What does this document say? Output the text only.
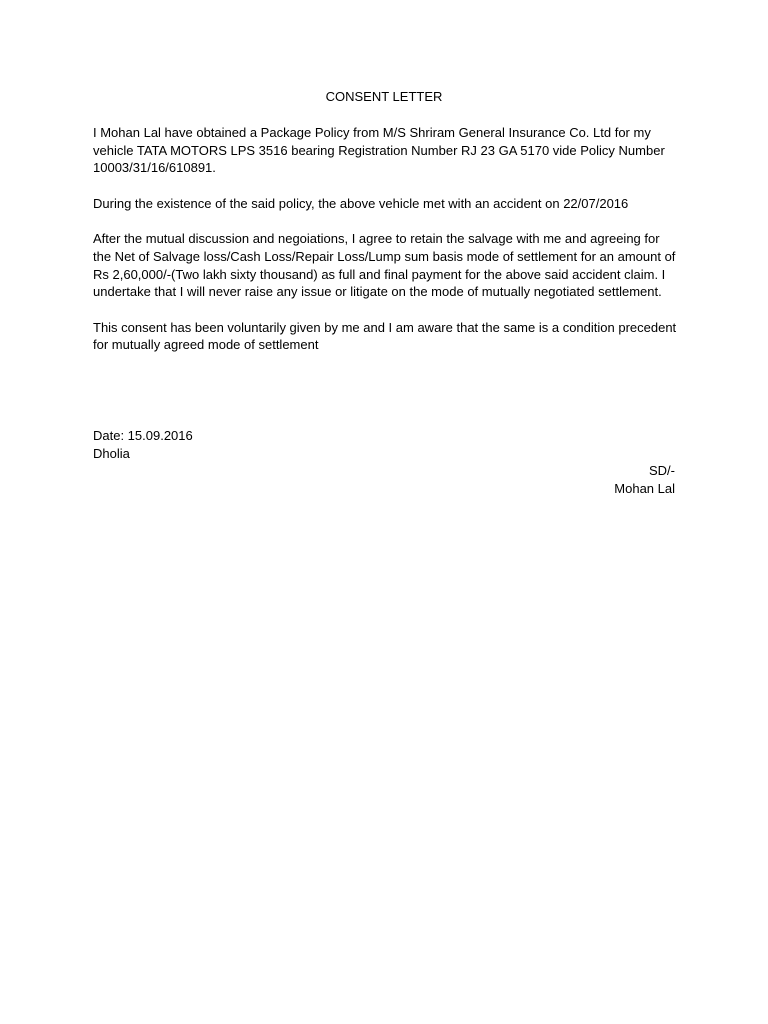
CONSENT LETTER

I Mohan Lal have obtained a Package Policy from M/S Shriram General Insurance Co. Ltd for my vehicle TATA MOTORS LPS 3516 bearing Registration Number RJ 23 GA 5170 vide Policy Number 10003/31/16/610891.

During the existence of the said policy, the above vehicle met with an accident on 22/07/2016

After the mutual discussion and negoiations, I agree to retain the salvage with me and agreeing for the Net of Salvage loss/Cash Loss/Repair Loss/Lump sum basis mode of settlement for an amount of Rs 2,60,000/-(Two lakh sixty thousand) as full and final payment for the above said accident claim. I undertake that I will never raise any issue or litigate on the mode of mutually negotiated settlement.

This consent has been voluntarily given by me and I am aware that the same is a condition precedent for mutually agreed mode of settlement

Date: 15.09.2016
Dholia
SD/-
Mohan Lal
